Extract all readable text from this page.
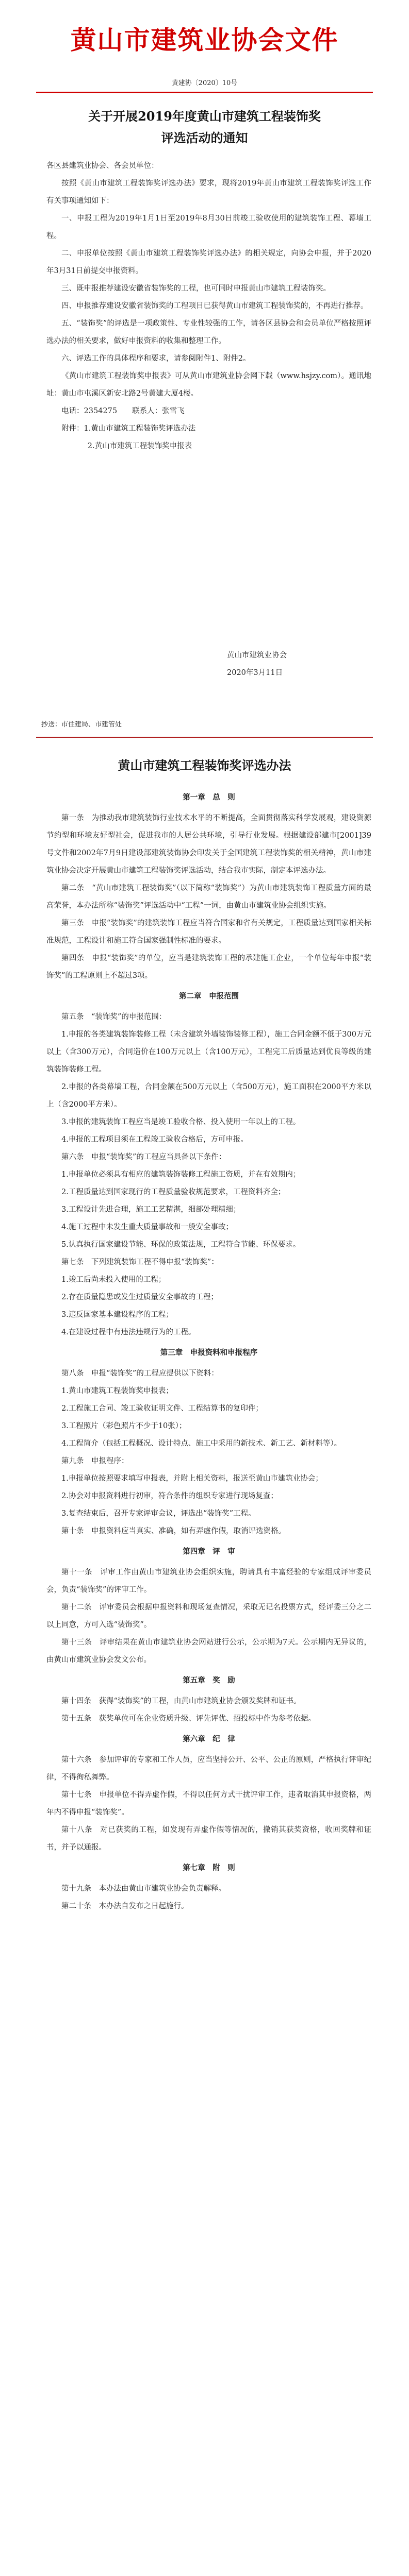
黄山市建筑业协会文件
黄建协〔2020〕10号
关于开展2019年度黄山市建筑工程装饰奖
评选活动的通知

各区县建筑业协会、各会员单位：

按照《黄山市建筑工程装饰奖评选办法》要求，现将2019年黄山市建筑工程装饰奖评选工作有关事项通知如下：

一、申报工程为2019年1月1日至2019年8月30日前竣工验收使用的建筑装饰工程、幕墙工程。

二、申报单位按照《黄山市建筑工程装饰奖评选办法》的相关规定，向协会申报，并于2020年3月31日前提交申报资料。

三、既申报推荐建设安徽省装饰奖的工程，也可同时申报黄山市建筑工程装饰奖。

四、申报推荐建设安徽省装饰奖的工程项目已获得黄山市建筑工程装饰奖的，不再进行推荐。

五、“装饰奖”的评选是一项政策性、专业性较强的工作，请各区县协会和会员单位严格按照评选办法的相关要求，做好申报资料的收集和整理工作。

六、评选工作的具体程序和要求，请参阅附件1、附件2。

《黄山市建筑工程装饰奖申报表》可从黄山市建筑业协会网下载（www.hsjzy.com）。通讯地址：黄山市屯溪区新安北路2号黄建大厦4楼。

电话：2354275　　联系人：张雪飞

附件：1.黄山市建筑工程装饰奖评选办法

2.黄山市建筑工程装饰奖申报表

黄山市建筑业协会
2020年3月11日
抄送：市住建局、市建管处
黄山市建筑工程装饰奖评选办法
第一章　总　则

第一条　为推动我市建筑装饰行业技术水平的不断提高，全面贯彻落实科学发展观，建设资源节约型和环境友好型社会，促进我市的人居公共环境，引导行业发展。根据建设部建市[2001]39号文件和2002年7月9日建设部建筑装饰协会印发关于全国建筑工程装饰奖的相关精神，黄山市建筑业协会决定开展黄山市建筑工程装饰奖评选活动，结合我市实际，制定本评选办法。

第二条　“黄山市建筑工程装饰奖”（以下简称“装饰奖”）为黄山市建筑装饰工程质量方面的最高荣誉，本办法所称“装饰奖”评选活动中“工程”一词，由黄山市建筑业协会组织实施。

第三条　申报“装饰奖”的建筑装饰工程应当符合国家和省有关规定，工程质量达到国家相关标准规范，工程设计和施工符合国家强制性标准的要求。

第四条　申报“装饰奖”的单位，应当是建筑装饰工程的承建施工企业，一个单位每年申报“装饰奖”的工程原则上不超过3项。

第二章　申报范围

第五条　“装饰奖”的申报范围：

1.申报的各类建筑装饰装修工程（未含建筑外墙装饰装修工程），施工合同金额不低于300万元以上（含300万元），合同造价在100万元以上（含100万元），工程完工后质量达到优良等级的建筑装饰装修工程。

2.申报的各类幕墙工程，合同金额在500万元以上（含500万元），施工面积在2000平方米以上（含2000平方米）。

3.申报的建筑装饰工程应当是竣工验收合格、投入使用一年以上的工程。

4.申报的工程项目须在工程竣工验收合格后，方可申报。

第六条　申报“装饰奖”的工程应当具备以下条件：

1.申报单位必须具有相应的建筑装饰装修工程施工资质，并在有效期内；

2.工程质量达到国家现行的工程质量验收规范要求，工程资料齐全；

3.工程设计先进合理，施工工艺精湛，细部处理精细；

4.施工过程中未发生重大质量事故和一般安全事故；

5.认真执行国家建设节能、环保的政策法规，工程符合节能、环保要求。

第七条　下列建筑装饰工程不得申报“装饰奖”：

1.竣工后尚未投入使用的工程；

2.存在质量隐患或发生过质量安全事故的工程；

3.违反国家基本建设程序的工程；

4.在建设过程中有违法违规行为的工程。

第三章　申报资料和申报程序

第八条　申报“装饰奖”的工程应提供以下资料：

1.黄山市建筑工程装饰奖申报表；

2.工程施工合同、竣工验收证明文件、工程结算书的复印件；

3.工程照片（彩色照片不少于10张）；

4.工程简介（包括工程概况、设计特点、施工中采用的新技术、新工艺、新材料等）。

第九条　申报程序：

1.申报单位按照要求填写申报表，并附上相关资料，报送至黄山市建筑业协会；

2.协会对申报资料进行初审，符合条件的组织专家进行现场复查；

3.复查结束后，召开专家评审会议，评选出“装饰奖”工程。

第十条　申报资料应当真实、准确，如有弄虚作假，取消评选资格。

第四章　评　审

第十一条　评审工作由黄山市建筑业协会组织实施，聘请具有丰富经验的专家组成评审委员会，负责“装饰奖”的评审工作。

第十二条　评审委员会根据申报资料和现场复查情况，采取无记名投票方式，经评委三分之二以上同意，方可入选“装饰奖”。

第十三条　评审结果在黄山市建筑业协会网站进行公示，公示期为7天。公示期内无异议的，由黄山市建筑业协会发文公布。

第五章　奖　励

第十四条　获得“装饰奖”的工程，由黄山市建筑业协会颁发奖牌和证书。

第十五条　获奖单位可在企业资质升级、评先评优、招投标中作为参考依据。

第六章　纪　律

第十六条　参加评审的专家和工作人员，应当坚持公开、公平、公正的原则，严格执行评审纪律，不得徇私舞弊。

第十七条　申报单位不得弄虚作假，不得以任何方式干扰评审工作，违者取消其申报资格，两年内不得申报“装饰奖”。

第十八条　对已获奖的工程，如发现有弄虚作假等情况的，撤销其获奖资格，收回奖牌和证书，并予以通报。

第七章　附　则

第十九条　本办法由黄山市建筑业协会负责解释。

第二十条　本办法自发布之日起施行。
